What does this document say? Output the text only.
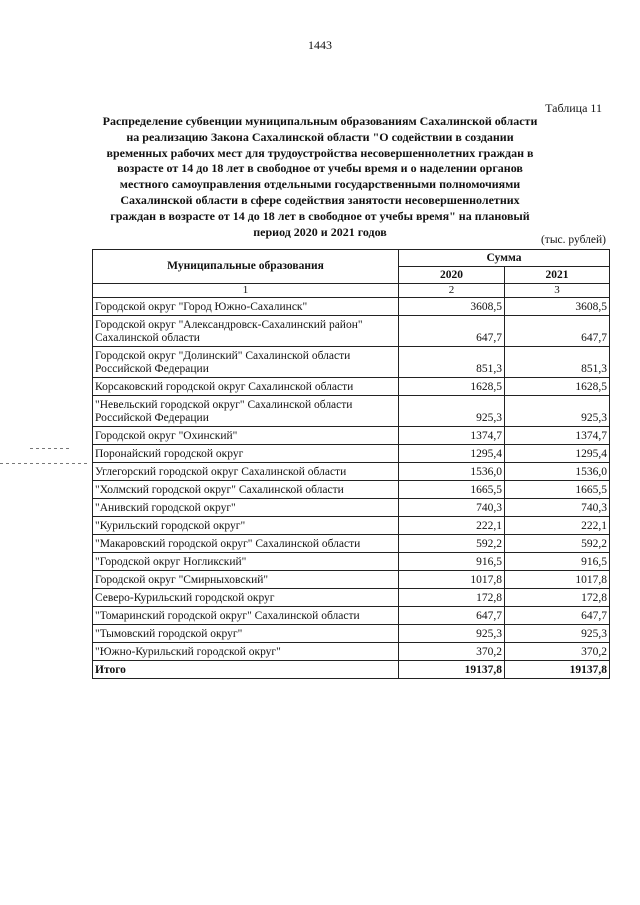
1443
Таблица 11

Распределение субвенции муниципальным образованиям Сахалинской области на реализацию Закона Сахалинской области "О содействии в создании временных рабочих мест для трудоустройства несовершеннолетних граждан в возрасте от 14 до 18 лет в свободное от учебы время и о наделении органов местного самоуправления отдельными государственными полномочиями Сахалинской области в сфере содействия занятости несовершеннолетних граждан в возрасте от 14 до 18 лет в свободное от учебы время" на плановый период 2020 и 2021 годов

(тыс. рублей)
Муниципальные образования	Сумма	
	2020	2021
1	2	3
Городской округ "Город Южно-Сахалинск"	3608,5	3608,5
Городской округ "Александровск-Сахалинский район" Сахалинской области	647,7	647,7
Городской округ "Долинский" Сахалинской области Российской Федерации	851,3	851,3
Корсаковский городской округ Сахалинской области	1628,5	1628,5
"Невельский городской округ" Сахалинской области Российской Федерации	925,3	925,3
Городской округ "Охинский"	1374,7	1374,7
Поронайский городской округ	1295,4	1295,4
Углегорский городской округ Сахалинской области	1536,0	1536,0
"Холмский городской округ" Сахалинской области	1665,5	1665,5
"Анивский городской округ"	740,3	740,3
"Курильский городской округ"	222,1	222,1
"Макаровский городской округ" Сахалинской области	592,2	592,2
"Городской округ Ногликский"	916,5	916,5
Городской округ "Смирныховский"	1017,8	1017,8
Северо-Курильский городской округ	172,8	172,8
"Томаринский городской округ" Сахалинской области	647,7	647,7
"Тымовский городской округ"	925,3	925,3
"Южно-Курильский городской округ"	370,2	370,2
Итого	19137,8	19137,8
